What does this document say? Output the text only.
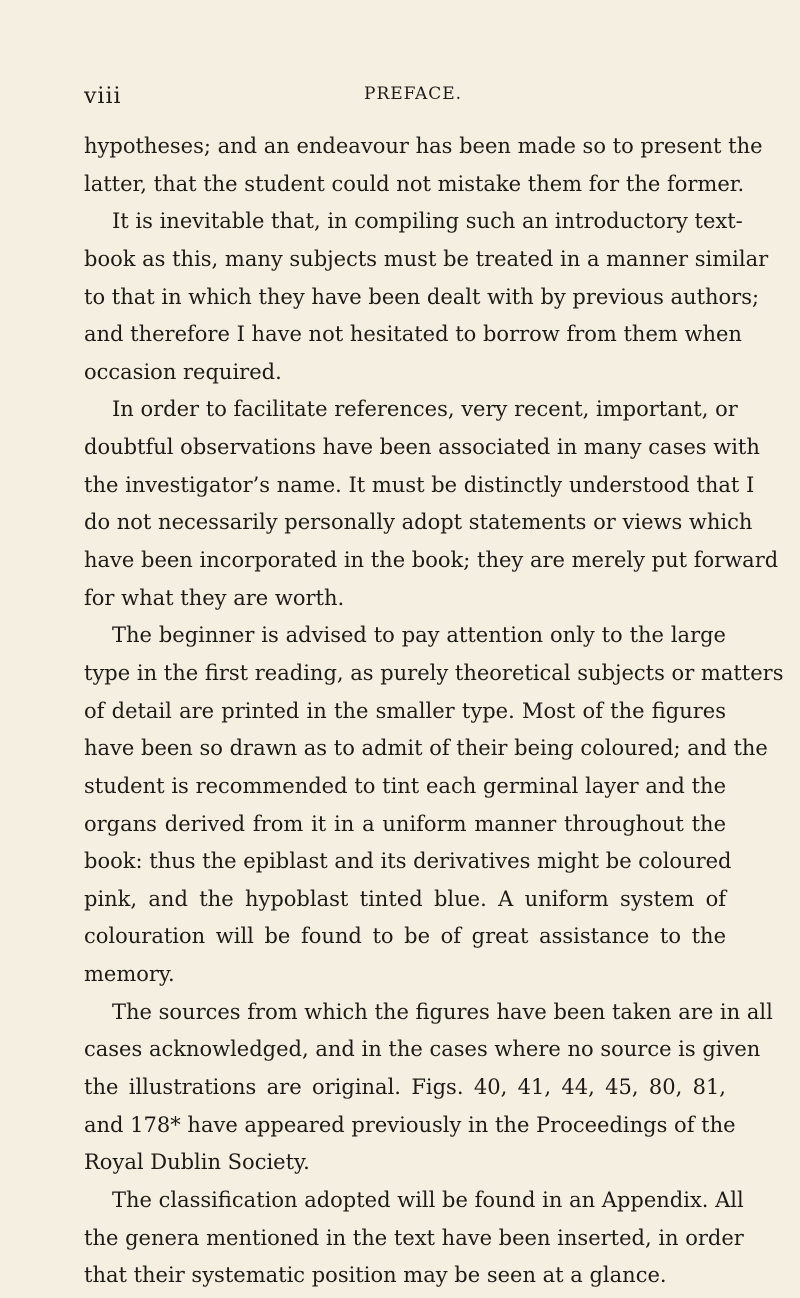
viii	PREFACE.
hypotheses; and an endeavour has been made so to present the
latter, that the student could not mistake them for the former.
It is inevitable that, in compiling such an introductory text-
book as this, many subjects must be treated in a manner similar
to that in which they have been dealt with by previous authors;
and therefore I have not hesitated to borrow from them when
occasion required.
In order to facilitate references, very recent, important, or
doubtful observations have been associated in many cases with
the investigator’s name. It must be distinctly understood that I
do not necessarily personally adopt statements or views which
have been incorporated in the book; they are merely put forward
for what they are worth.
The beginner is advised to pay attention only to the large
type in the first reading, as purely theoretical subjects or matters
of detail are printed in the smaller type. Most of the figures
have been so drawn as to admit of their being coloured; and the
student is recommended to tint each germinal layer and the
organs derived from it in a uniform manner throughout the
book: thus the epiblast and its derivatives might be coloured
pink, and the hypoblast tinted blue. A uniform system of
colouration will be found to be of great assistance to the
memory.
The sources from which the figures have been taken are in all
cases acknowledged, and in the cases where no source is given
the illustrations are original. Figs. 40, 41, 44, 45, 80, 81,
and 178* have appeared previously in the Proceedings of the
Royal Dublin Society.
The classification adopted will be found in an Appendix. All
the genera mentioned in the text have been inserted, in order
that their systematic position may be seen at a glance.
